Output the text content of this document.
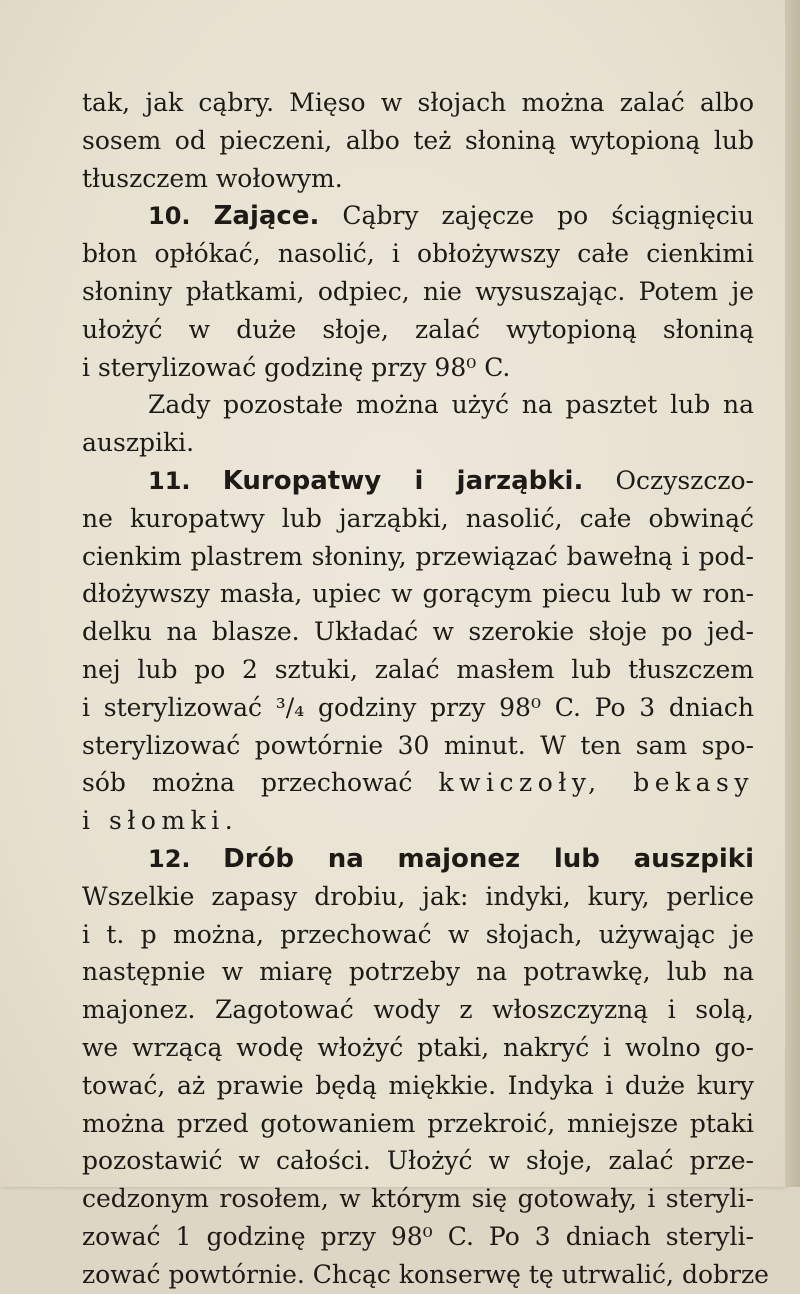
tak, jak cąbry. Mięso w słojach można zalać albo
sosem od pieczeni, albo też słoniną wytopioną lub
tłuszczem wołowym.
10. Zające. Cąbry zajęcze po ściągnięciu
błon opłókać, nasolić, i obłożywszy całe cienkimi
słoniny płatkami, odpiec, nie wysuszając. Potem je
ułożyć w duże słoje, zalać wytopioną słoniną
i sterylizować godzinę przy 98⁰ C.
Zady pozostałe można użyć na pasztet lub na
auszpiki.
11. Kuropatwy i jarząbki. Oczyszczo-
ne kuropatwy lub jarząbki, nasolić, całe obwinąć
cienkim plastrem słoniny, przewiązać bawełną i pod-
dłożywszy masła, upiec w gorącym piecu lub w ron-
delku na blasze. Układać w szerokie słoje po jed-
nej lub po 2 sztuki, zalać masłem lub tłuszczem
i sterylizować ³/₄ godziny przy 98⁰ C. Po 3 dniach
sterylizować powtórnie 30 minut. W ten sam spo-
sób można przechować kwiczoły, bekasy
i słomki.
12. Drób na majonez lub auszpiki
Wszelkie zapasy drobiu, jak: indyki, kury, perlice
i t. p można, przechować w słojach, używając je
następnie w miarę potrzeby na potrawkę, lub na
majonez. Zagotować wody z włoszczyzną i solą,
we wrzącą wodę włożyć ptaki, nakryć i wolno go-
tować, aż prawie będą miękkie. Indyka i duże kury
można przed gotowaniem przekroić, mniejsze ptaki
pozostawić w całości. Ułożyć w słoje, zalać prze-
cedzonym rosołem, w którym się gotowały, i steryli-
zować 1 godzinę przy 98⁰ C. Po 3 dniach steryli-
zować powtórnie. Chcąc konserwę tę utrwalić, dobrze
